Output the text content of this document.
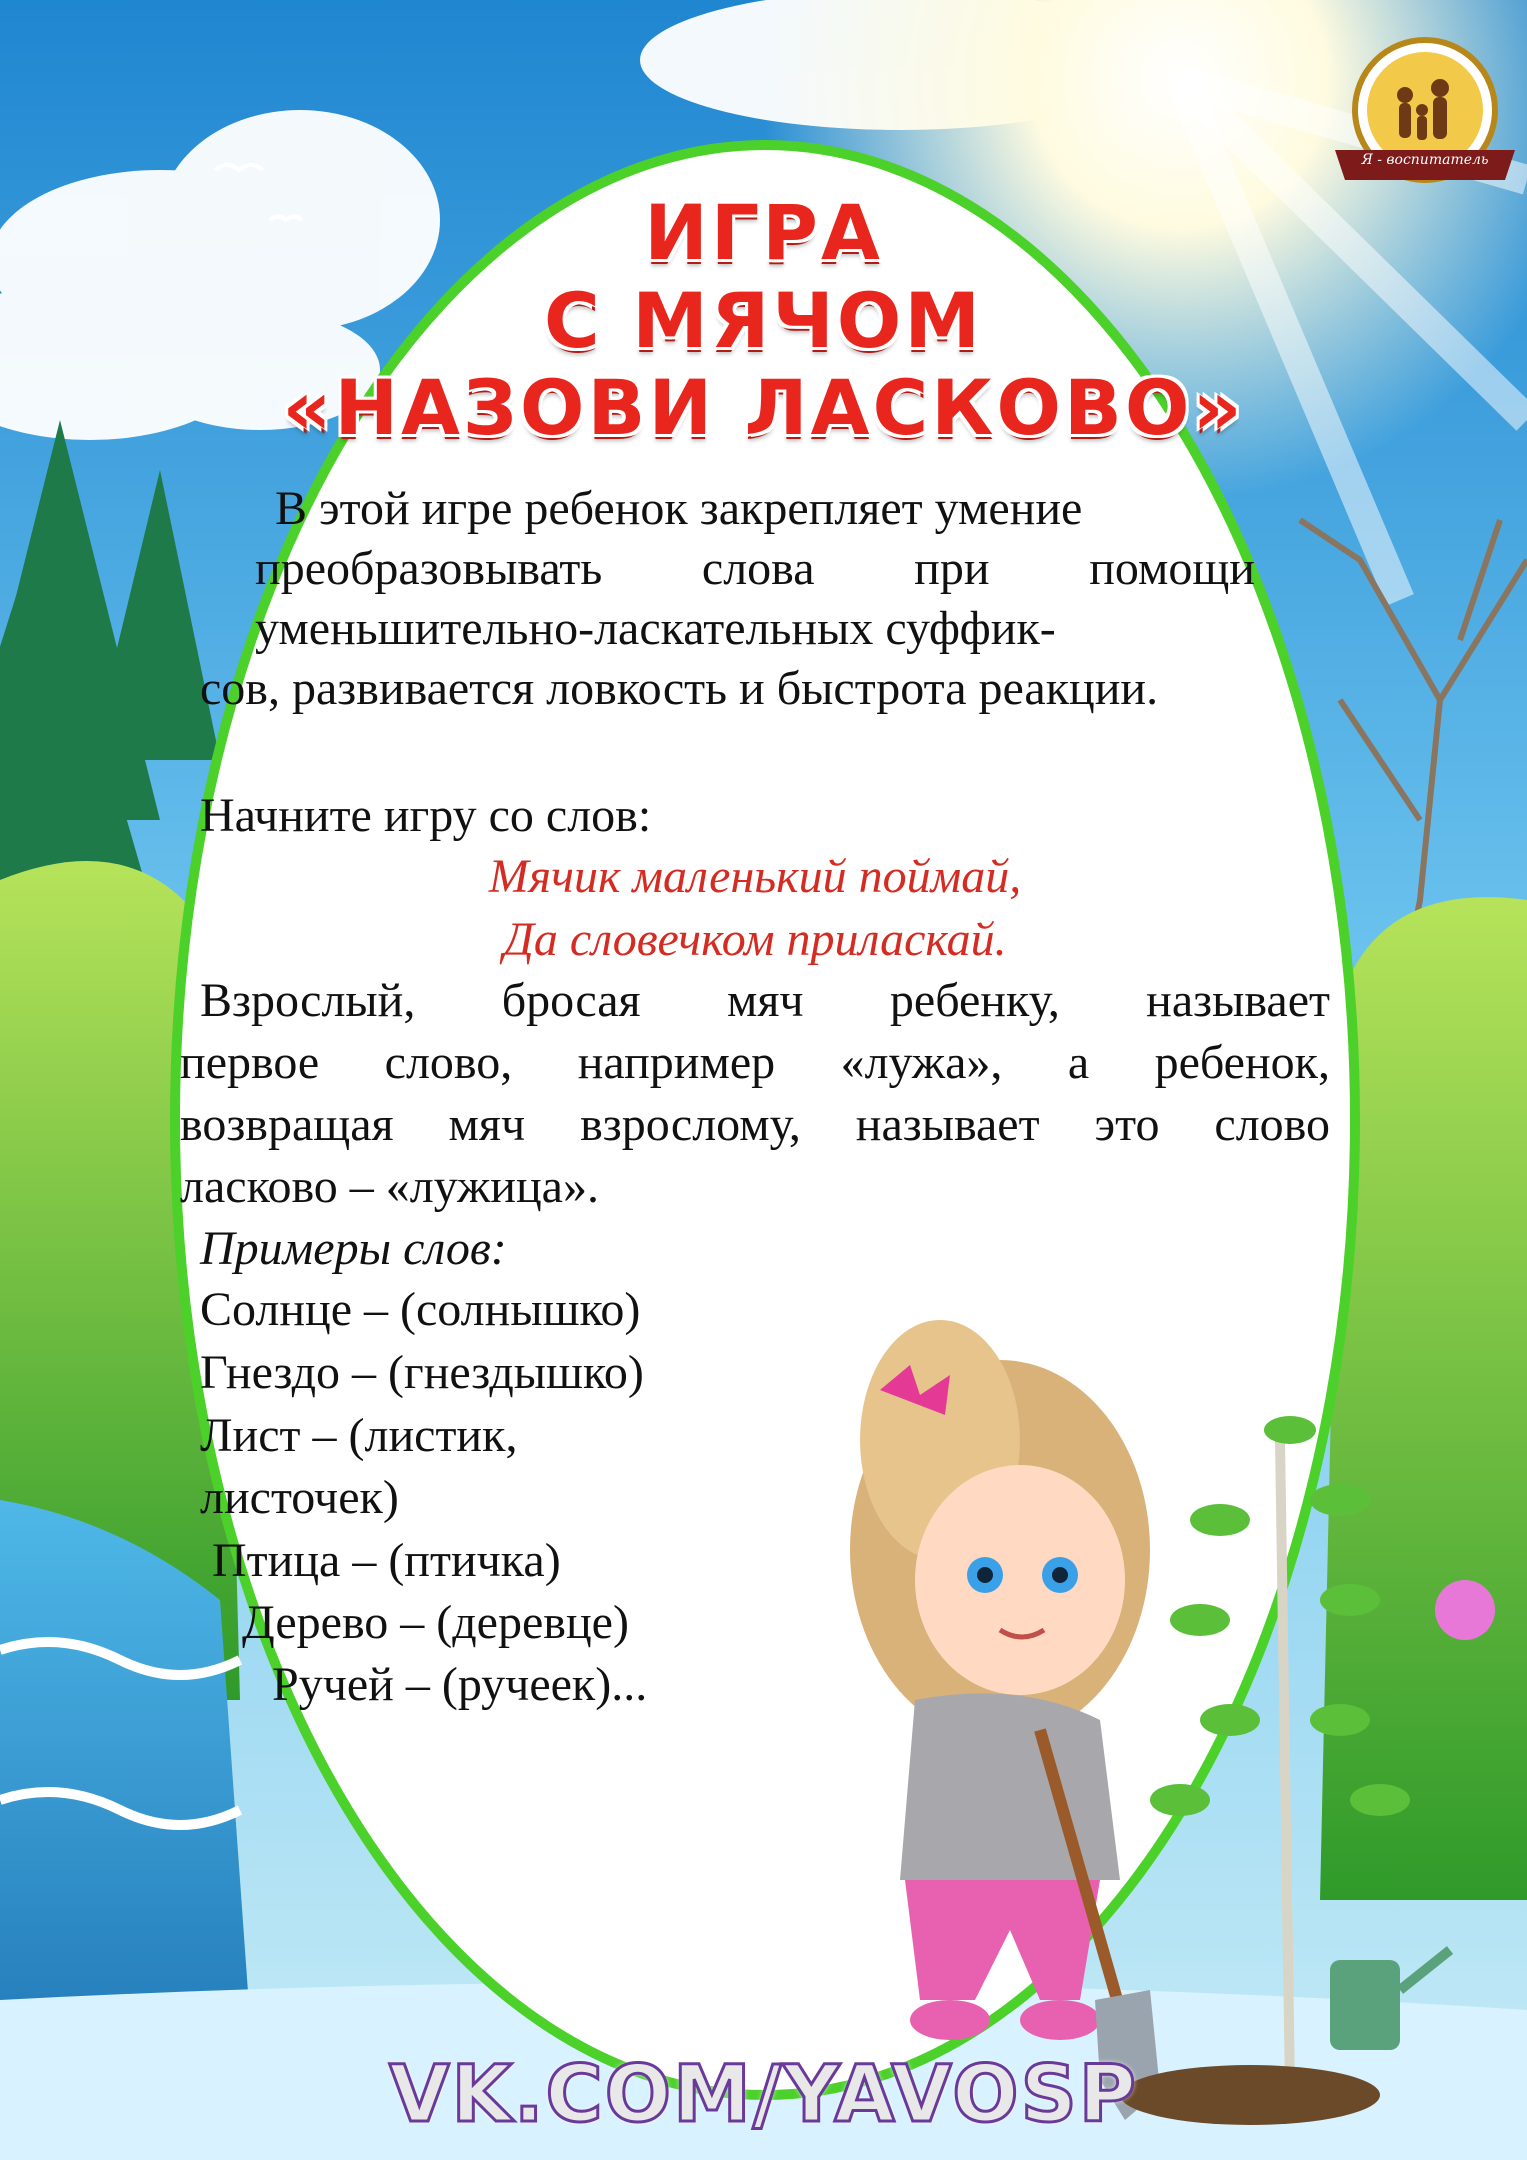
Я - воспитатель
ИГРА
С МЯЧОМ
«НАЗОВИ ЛАСКОВО»
В этой игре ребенок закрепляет умение
преобразовывать слова при помощи
уменьшительно-ласкательных суффик-
сов, развивается ловкость и быстрота реакции.
Начните игру со слов:
Мячик маленький поймай,
Да словечком приласкай.
Взрослый, бросая мяч ребенку, называет
первое слово, например «лужа», а ребенок,
возвращая мяч взрослому, называет это слово
ласково – «лужица».
Примеры слов:
Солнце – (солнышко)
Гнездо – (гнездышко)
Лист – (листик,
листочек)
Птица – (птичка)
Дерево – (деревце)
Ручей – (ручеек)...
VK.COM/YAVOSP
